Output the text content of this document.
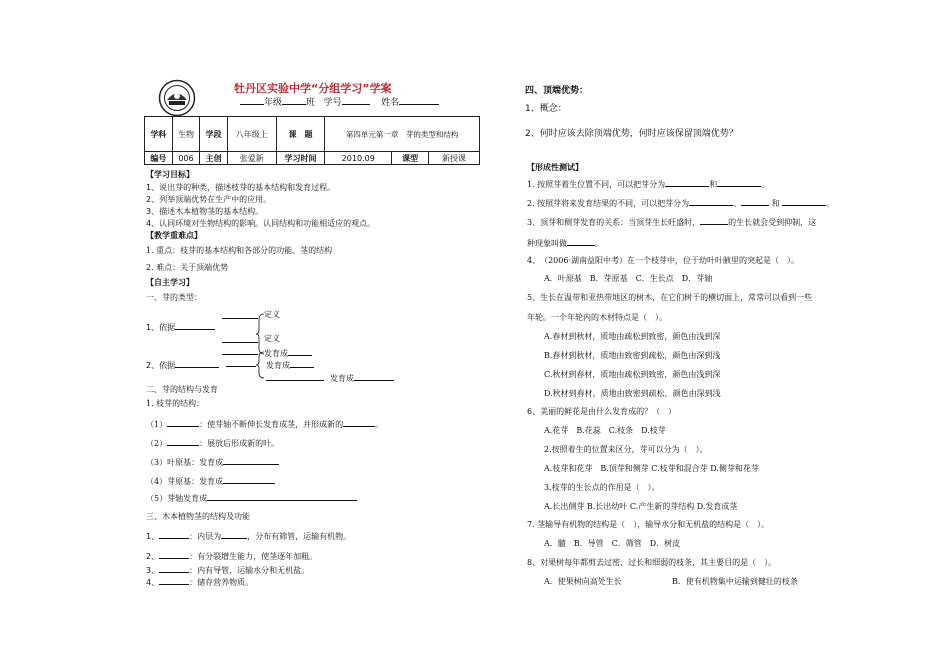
牡丹区实验中学“分组学习”学案
年级	班 学号	姓名
学科	生物	学段	八年级上	课　题	第四单元第一章　芽的类型和结构		
编号	006	主创	张爱新	学习时间	2010.09	课型	新授课
【学习目标】
1、说出芽的种类，描述枝芽的基本结构和发育过程。
2、列举顶端优势在生产中的应用。
3、描述木本植物茎的基本结构。
4、认同环境对生物结构的影响。认同结构和功能相适应的观点。
【教学重难点】
1. 重点：枝芽的基本结构和各部分的功能、茎的结构
2. 难点：关于顶端优势
【自主学习】
一、芽的类型：
1、依据
定义
定义
发育成
2、依据	发育成
发育成
二、芽的结构与发育
1. 枝芽的结构：
（1）	：使芽轴不断伸长发育成茎，并形成新的	。
（2）	：展放后形成新的叶。
（3）叶原基：发育成
（4）芽原基：发育成
（5）芽轴发育成
三、木本植物茎的结构及功能
1、	：内层为	，分布有筛管，运输有机物。
2、	：有分裂增生能力，使茎逐年加粗。
3、	：内有导管，运输水分和无机盐。
4、	：储存营养物质。
四、顶端优势：
1、概念：
2、何时应该去除顶端优势，何时应该保留顶端优势？
【形成性测试】
1. 按照芽着生位置不同，可以把芽分为	和	。
2. 按照芽将来发育结果的不同，可以把芽分为	、	和	。
3、顶芽和侧芽发育的关系：当顶芽生长旺盛时，	的生长就会受到抑制，这
种现象叫做	。
4、　（2006·湖南益阳中考）在一个枝芽中，位于幼叶叶腋里的突起是（　）。
A．叶原基　B．芽原基　C．生长点　D．芽轴
5、生长在温带和亚热带地区的树木，在它们树干的横切面上，常常可以看到一些
年轮。一个年轮内的木材特点是（　）。
A.春材到秋材，质地由疏松到致密，颜色由浅到深
B.春材到秋材，质地由致密到疏松，颜色由深到浅
C.秋材到春材，质地由疏松到致密，颜色由浅到深
D.秋材到春材，质地由致密到疏松，颜色由深到浅
6、美丽的鲜花是由什么发育成的？（　）
A.花芽　B.花蕊　C.枝条　D.枝芽
2.按照着生的位置来区分，芽可以分为（　）。
A.枝芽和花芽　B.顶芽和侧芽 C.枝芽和混合芽 D.侧芽和花芽
3.枝芽的生长点的作用是（　）。
A.长出侧芽 B.长出幼叶 C.产生新的芽结构 D.发育成茎
7. 茎输导有机物的结构是（　），输导水分和无机盐的结构是（　）。
A．髓　B．导管　C．筛管　D．树皮
8、对果树每年都剪去过密、过长和细弱的枝条，其主要目的是（　）。
A．使果树向高处生长	B．使有机物集中运输到健壮的枝条
